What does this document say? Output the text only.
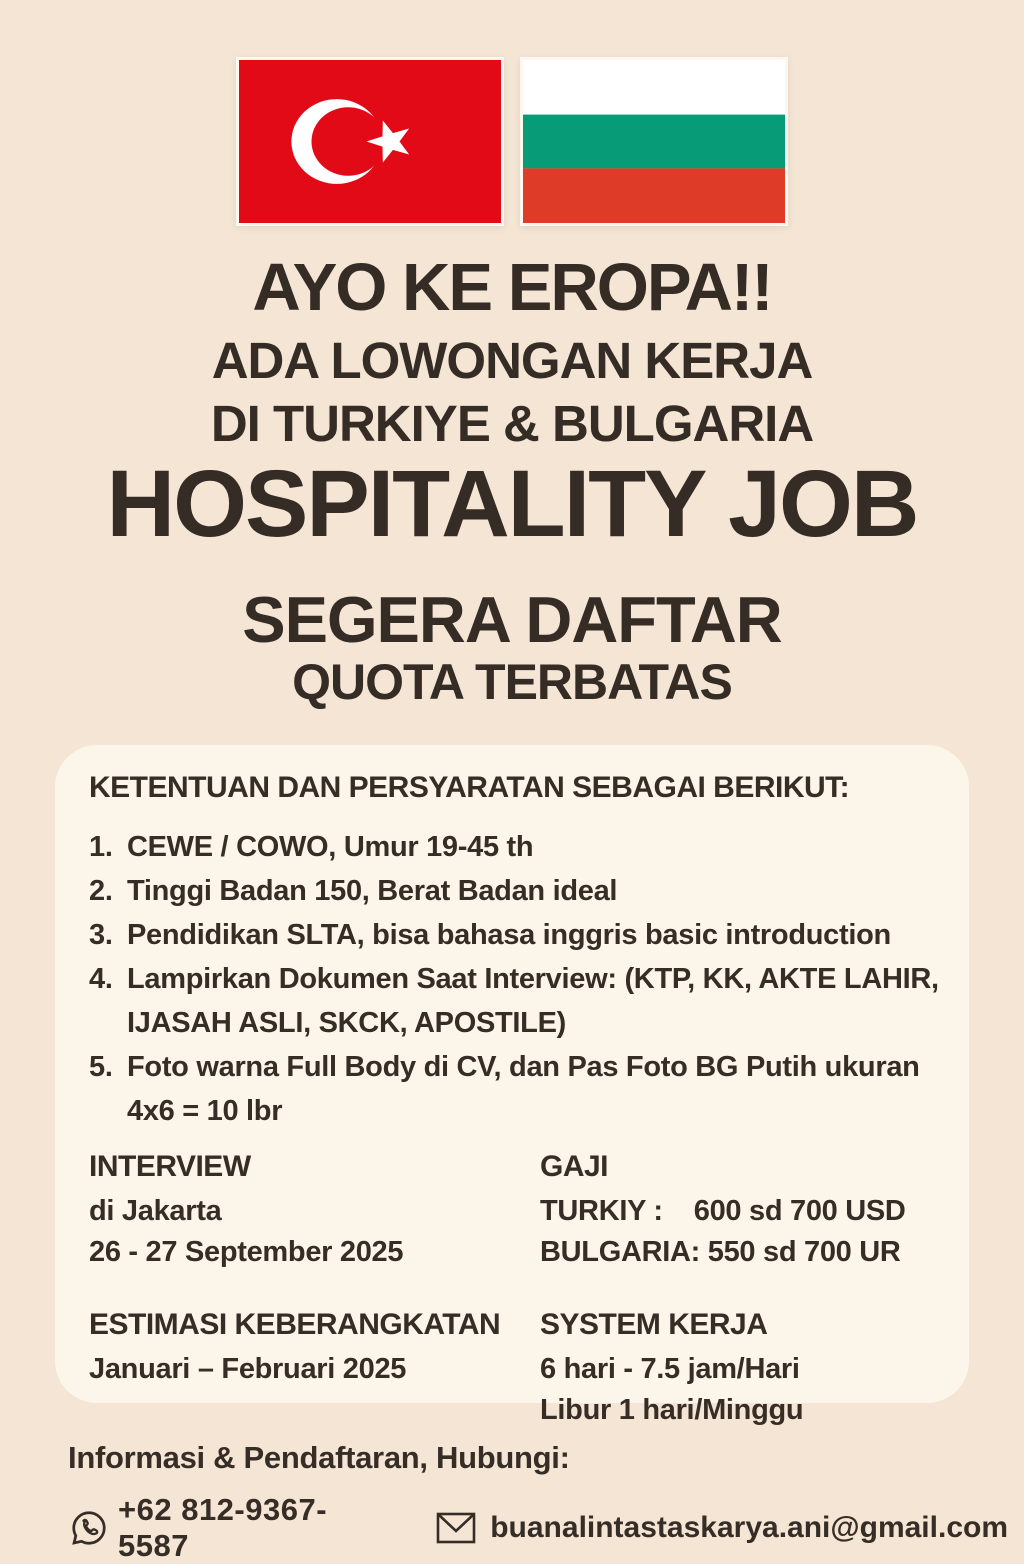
AYO KE EROPA!!
ADA LOWONGAN KERJA
DI TURKIYE & BULGARIA
HOSPITALITY JOB
SEGERA DAFTAR
QUOTA TERBATAS
KETENTUAN DAN PERSYARATAN SEBAGAI BERIKUT:
1. CEWE / COWO, Umur 19-45 th
2. Tinggi Badan 150, Berat Badan ideal
3. Pendidikan SLTA, bisa bahasa inggris basic introduction
4. Lampirkan Dokumen Saat Interview: (KTP, KK, AKTE LAHIR, IJASAH ASLI, SKCK, APOSTILE)
5. Foto warna Full Body di CV, dan Pas Foto BG Putih ukuran 4x6 = 10 lbr
INTERVIEW
di Jakarta
26 - 27 September 2025
GAJI
TURKIY :    600 sd 700 USD
BULGARIA: 550 sd 700 UR
ESTIMASI KEBERANGKATAN
Januari – Februari 2025
SYSTEM KERJA
6 hari - 7.5 jam/Hari
Libur 1 hari/Minggu
Informasi & Pendaftaran, Hubungi:
+62 812-9367-5587
buanalintastaskarya.ani@gmail.com
